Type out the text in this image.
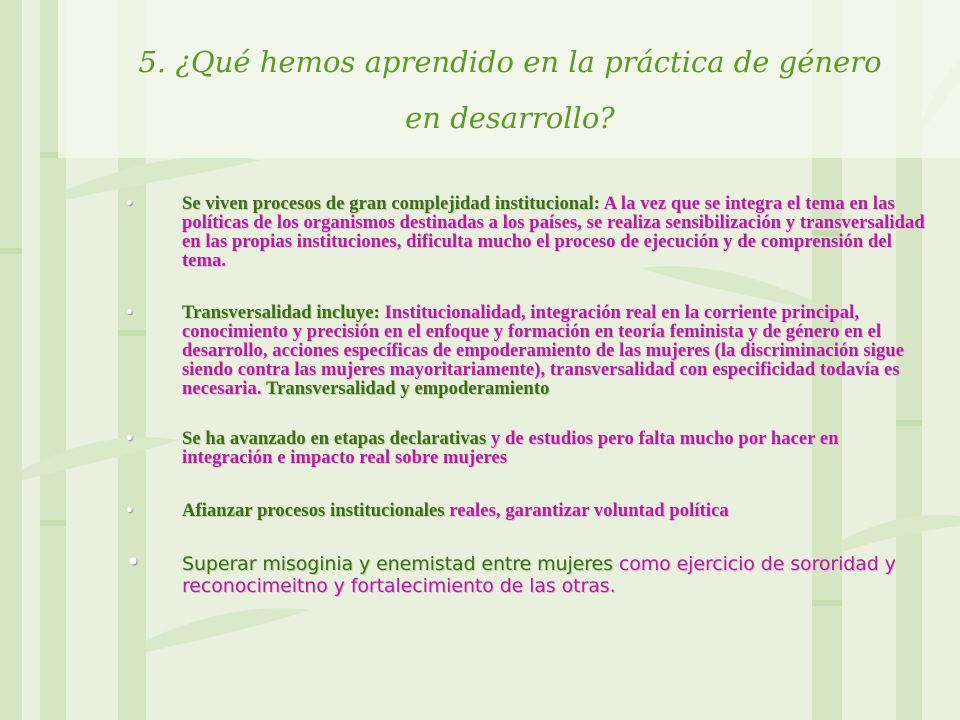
5. ¿Qué hemos aprendido en la práctica de género
en desarrollo?
•	Se viven procesos de gran complejidad institucional: A la vez que se integra el tema en las políticas de los organismos destinadas a los países, se realiza sensibilización y transversalidad en las propias instituciones, dificulta mucho el proceso de ejecución y de comprensión del tema.
•	Transversalidad incluye: Institucionalidad, integración real en la corriente principal, conocimiento y precisión en el enfoque y formación en teoría feminista y de género en el desarrollo, acciones específicas de empoderamiento de las mujeres (la discriminación sigue siendo contra las mujeres mayoritariamente), transversalidad con especificidad todavía es necesaria. Transversalidad y empoderamiento
•	Se ha avanzado en etapas declarativas y de estudios pero falta mucho por hacer en integración e impacto real sobre mujeres
•	Afianzar procesos institucionales reales, garantizar voluntad política
• Superar misoginia y enemistad entre mujeres como ejercicio de sororidad y reconocimeitno y fortalecimiento de las otras.
